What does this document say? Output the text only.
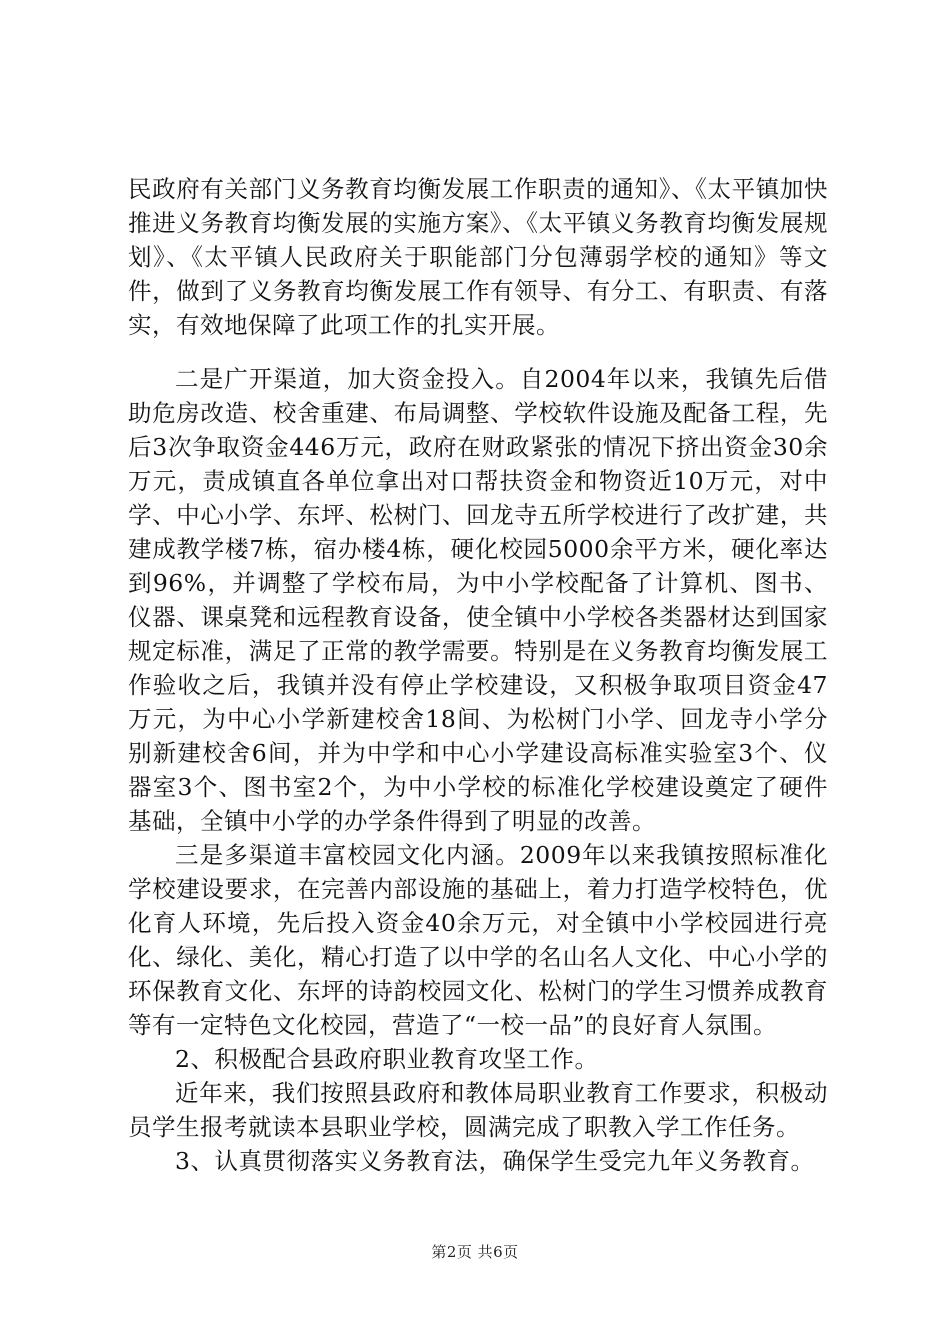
民政府有关部门义务教育均衡发展工作职责的通知》、《太平镇加快推进义务教育均衡发展的实施方案》、《太平镇义务教育均衡发展规划》、《太平镇人民政府关于职能部门分包薄弱学校的通知》等文件，做到了义务教育均衡发展工作有领导、有分工、有职责、有落实，有效地保障了此项工作的扎实开展。

二是广开渠道，加大资金投入。自2004年以来，我镇先后借助危房改造、校舍重建、布局调整、学校软件设施及配备工程，先后3次争取资金446万元，政府在财政紧张的情况下挤出资金30余万元，责成镇直各单位拿出对口帮扶资金和物资近10万元，对中学、中心小学、东坪、松树门、回龙寺五所学校进行了改扩建，共建成教学楼7栋，宿办楼4栋，硬化校园5000余平方米，硬化率达到96%，并调整了学校布局，为中小学校配备了计算机、图书、仪器、课桌凳和远程教育设备，使全镇中小学校各类器材达到国家规定标准，满足了正常的教学需要。特别是在义务教育均衡发展工作验收之后，我镇并没有停止学校建设，又积极争取项目资金47万元，为中心小学新建校舍18间、为松树门小学、回龙寺小学分别新建校舍6间，并为中学和中心小学建设高标准实验室3个、仪器室3个、图书室2个，为中小学校的标准化学校建设奠定了硬件基础，全镇中小学的办学条件得到了明显的改善。

三是多渠道丰富校园文化内涵。2009年以来我镇按照标准化学校建设要求，在完善内部设施的基础上，着力打造学校特色，优化育人环境，先后投入资金40余万元，对全镇中小学校园进行亮化、绿化、美化，精心打造了以中学的名山名人文化、中心小学的环保教育文化、东坪的诗韵校园文化、松树门的学生习惯养成教育等有一定特色文化校园，营造了“一校一品”的良好育人氛围。

2、积极配合县政府职业教育攻坚工作。

近年来，我们按照县政府和教体局职业教育工作要求，积极动员学生报考就读本县职业学校，圆满完成了职教入学工作任务。

3、认真贯彻落实义务教育法，确保学生受完九年义务教育。

第2页 共6页
